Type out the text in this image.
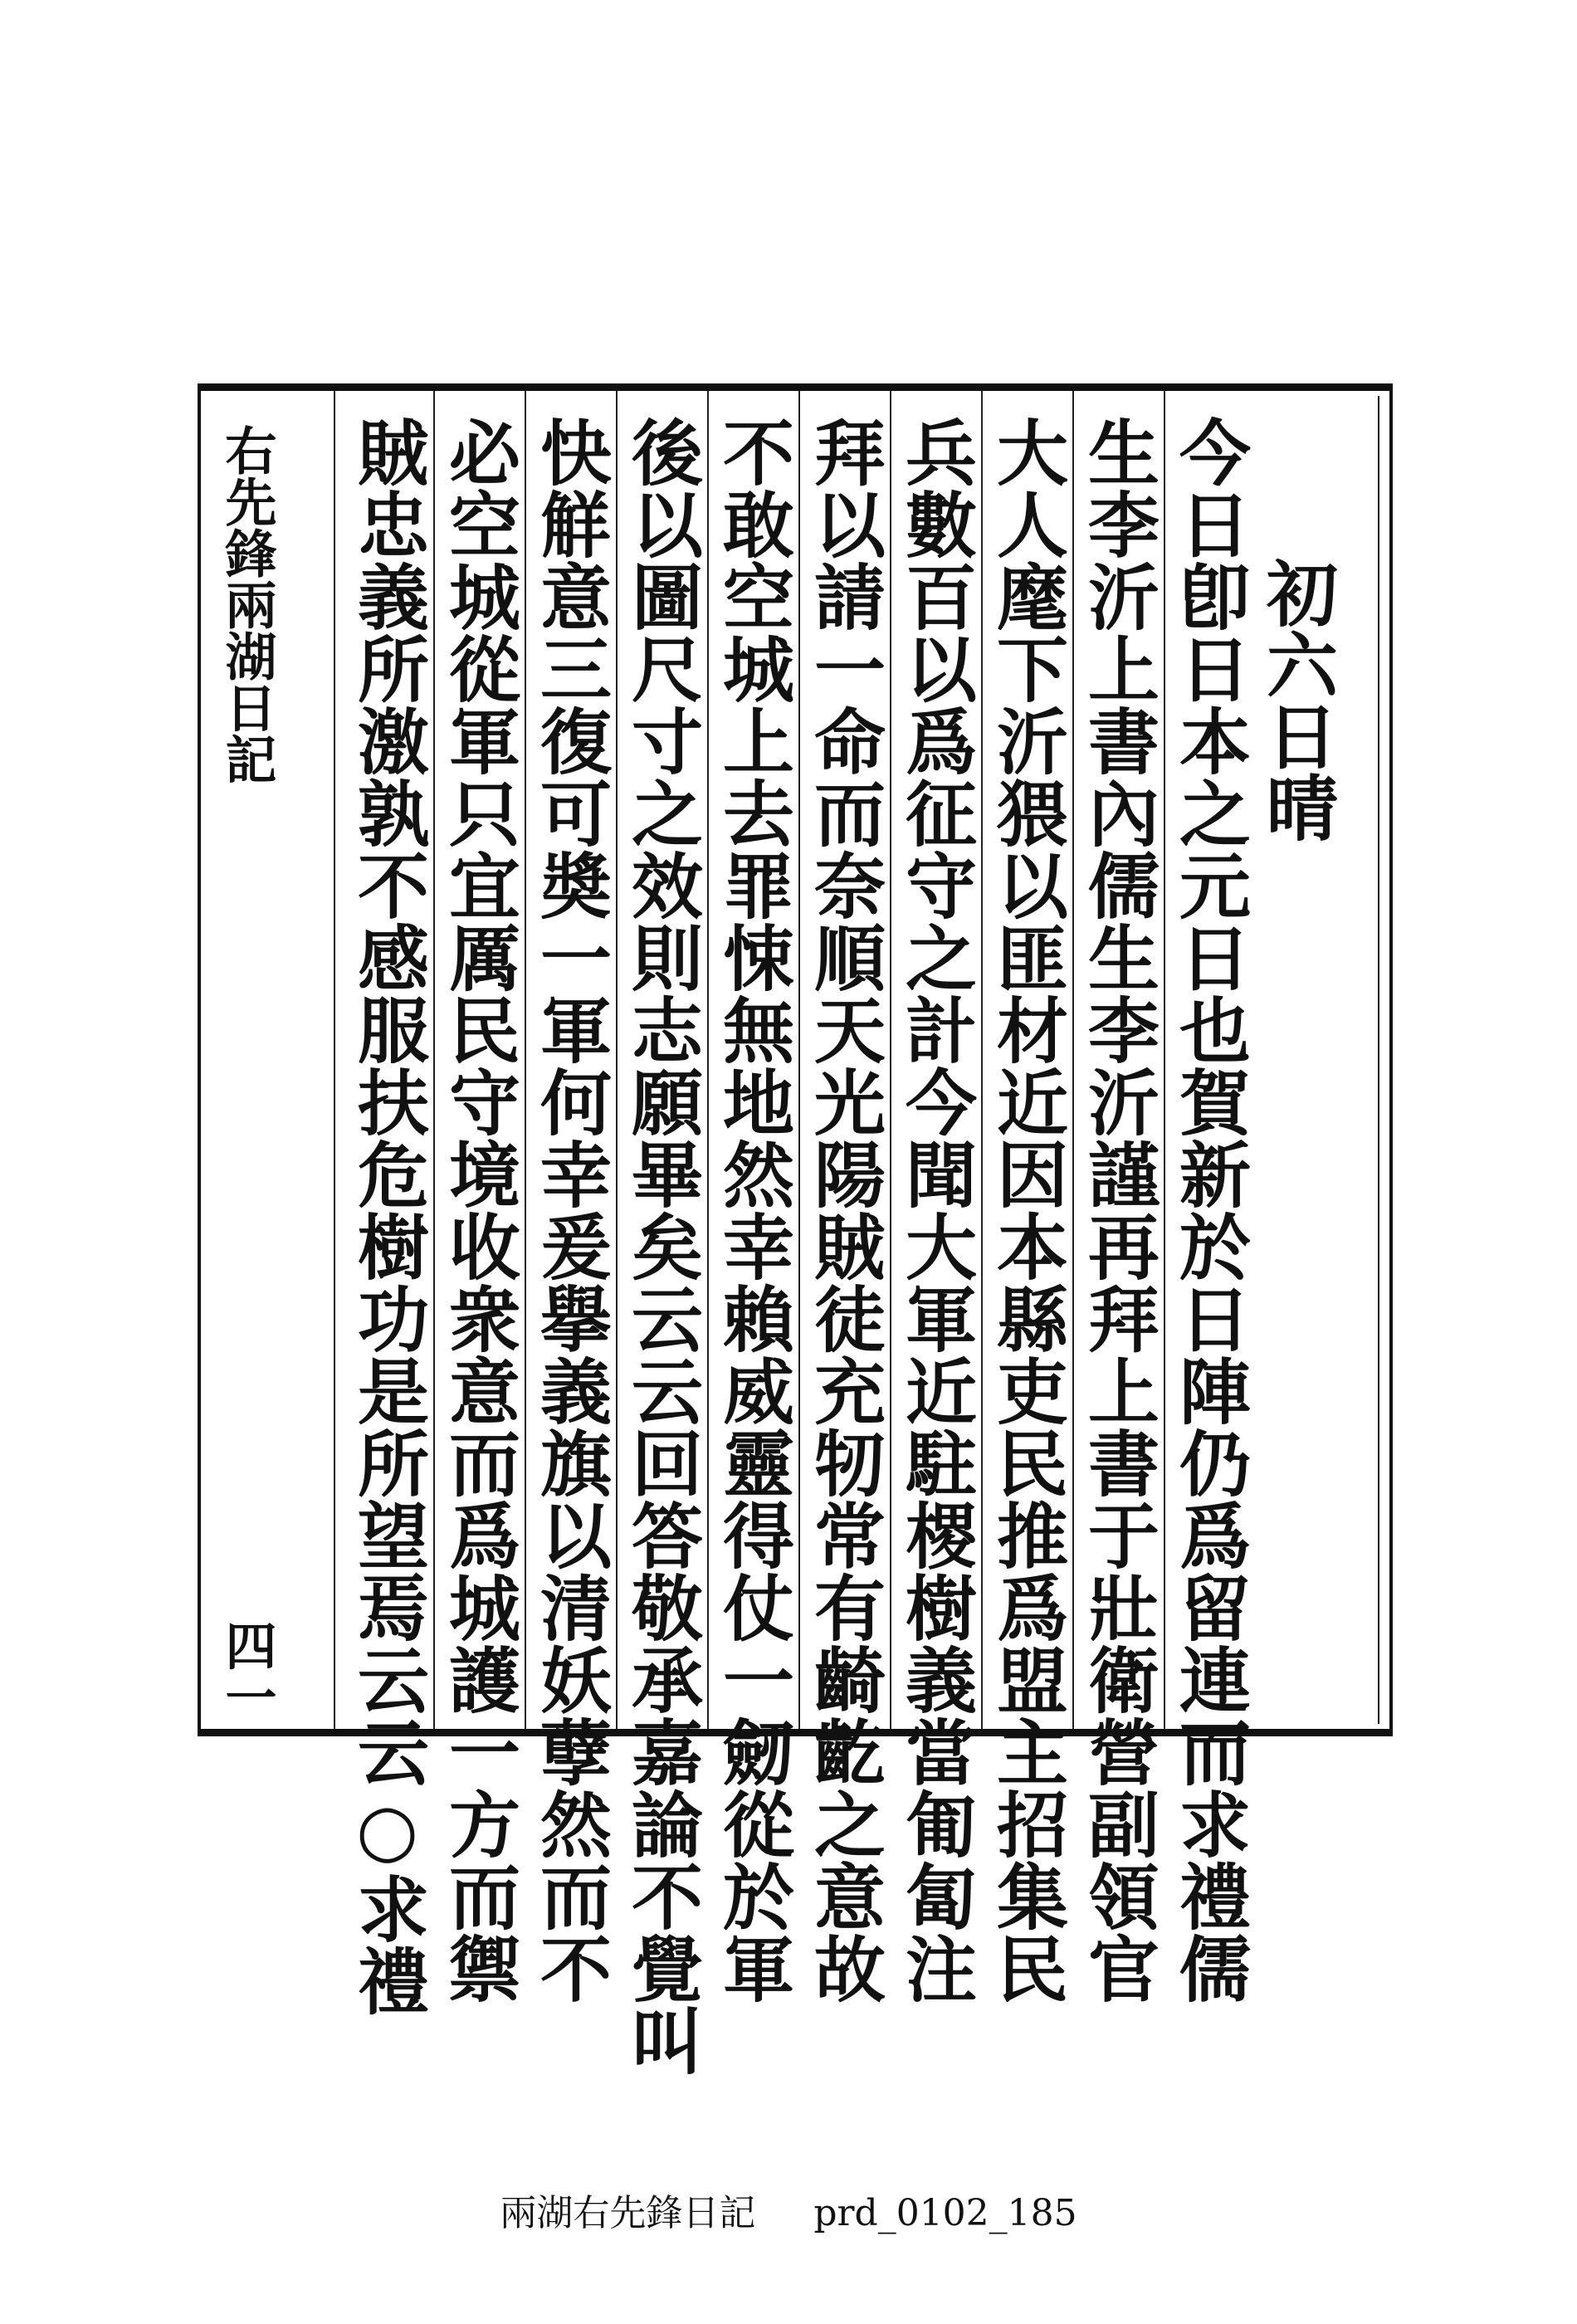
初六日晴
今日卽日本之元日也賀新於日陣仍爲留連而求禮儒
生李沂上書內儒生李沂謹再拜上書于壯衛營副領官
大人麾下沂猥以匪材近因本縣吏民推爲盟主招集民
兵數百以爲征守之計今聞大軍近駐㮨樹義當匍匐注
拜以請一命而奈順天光陽賊徒充牣常有齮齕之意故
不敢空城上去罪悚無地然幸賴威靈得仗一劒從於軍
後以圖尺寸之效則志願畢矣云云回答敬承嘉論不覺叫
快觧意三復可奬一軍何幸爰擧義旗以清妖孽然而不
必空城從軍只宜厲民守境收衆意而爲城護一方而禦
賊忠義所激孰不感服扶危樹功是所望焉云云○求禮
右先鋒兩湖日記
四一
兩湖右先鋒日記 prd_0102_185
